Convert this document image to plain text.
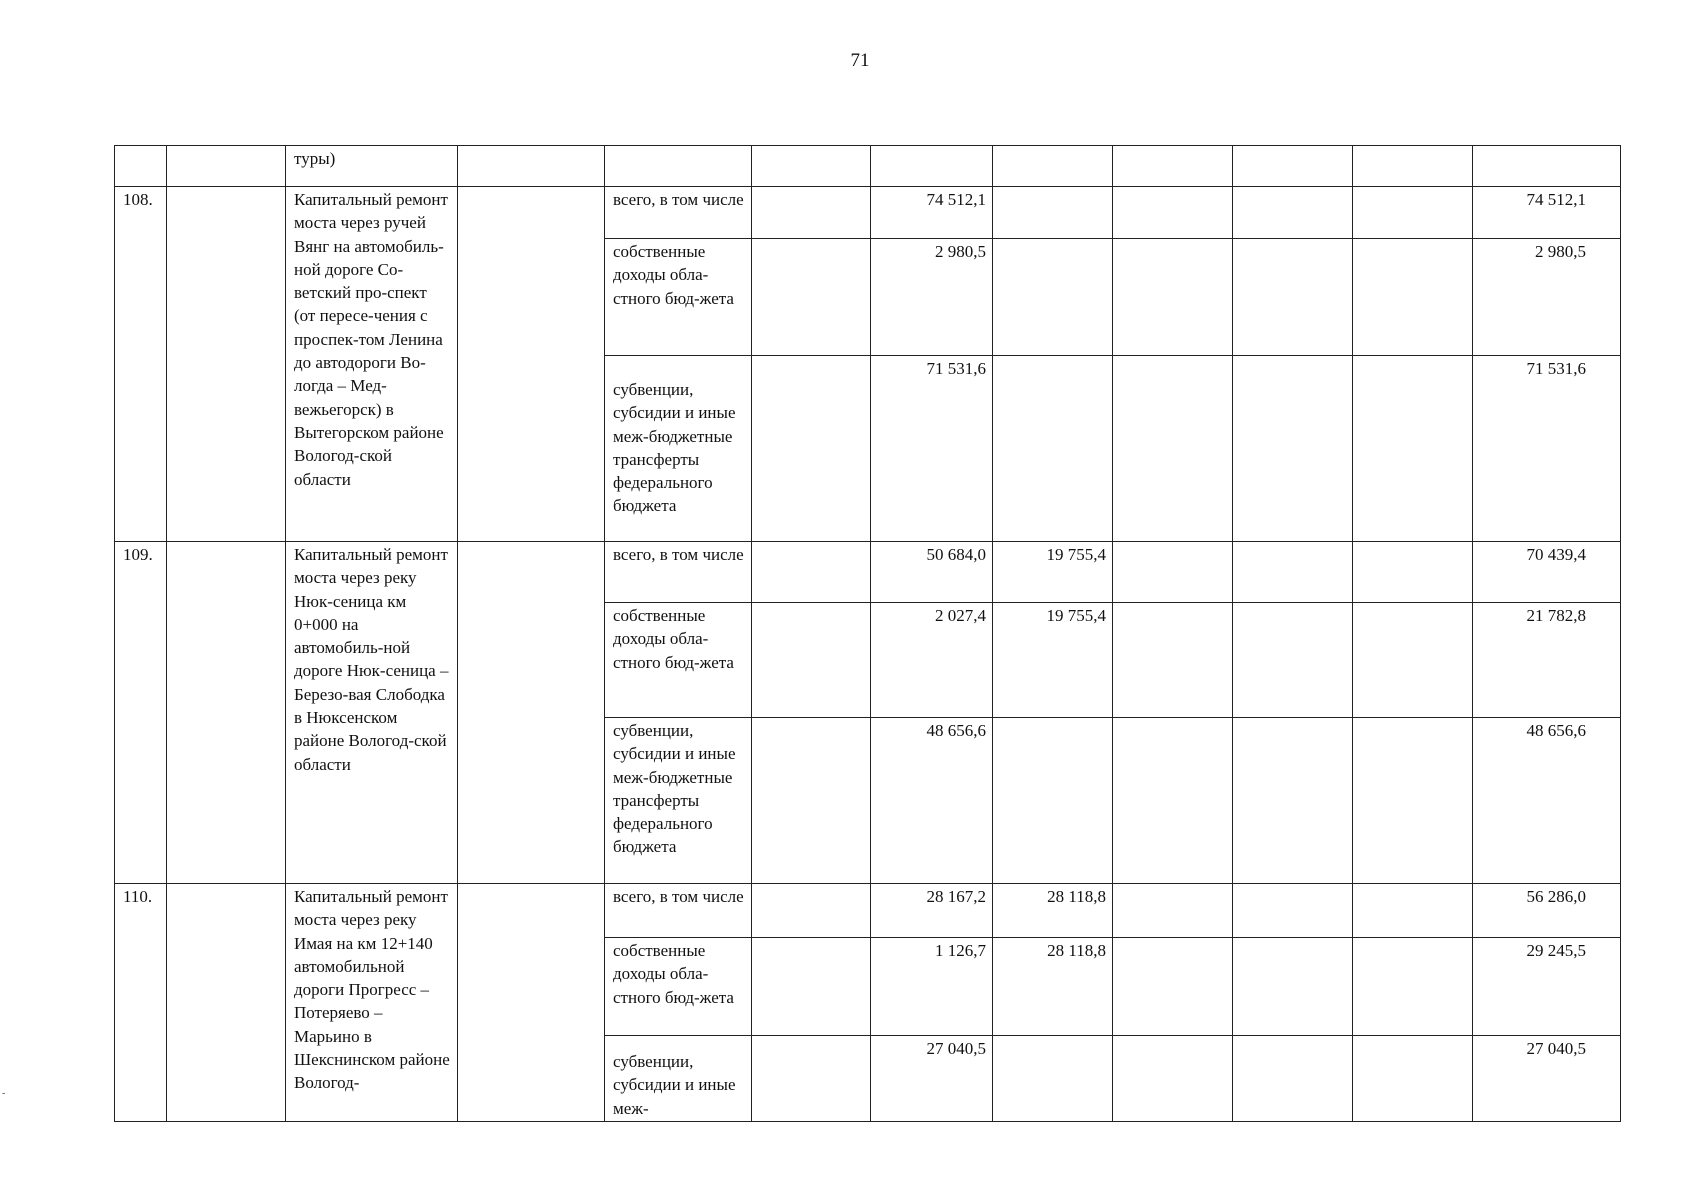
71
		туры)									
108.		Капитальный ремонт моста через ручей Вянг на автомобиль-ной дороге Со-ветский про-спект (от пересе-чения с проспек-том Ленина до автодороги Во-логда – Мед-вежьегорск) в Вытегорском районе Вологод-ской области		всего, в том числе		74 512,1					74 512,1
				собственные доходы обла-стного бюд-жета		2 980,5					2 980,5
				субвенции, субсидии и иные меж-бюджетные трансферты федерального бюджета		71 531,6					71 531,6
109.		Капитальный ремонт моста через реку Нюк-сеница км 0+000 на автомобиль-ной дороге Нюк-сеница – Березо-вая Слободка в Нюксенском районе Вологод-ской области		всего, в том числе		50 684,0	19 755,4				70 439,4
				собственные доходы обла-стного бюд-жета		2 027,4	19 755,4				21 782,8
				субвенции, субсидии и иные меж-бюджетные трансферты федерального бюджета		48 656,6					48 656,6
110.		Капитальный ремонт моста через реку Имая на км 12+140 автомобильной дороги Прогресс – Потеряево – Марьино в Шекснинском районе Вологод-		всего, в том числе		28 167,2	28 118,8				56 286,0
				собственные доходы обла-стного бюд-жета		1 126,7	28 118,8				29 245,5
				субвенции, субсидии и иные меж-		27 040,5					27 040,5
-
